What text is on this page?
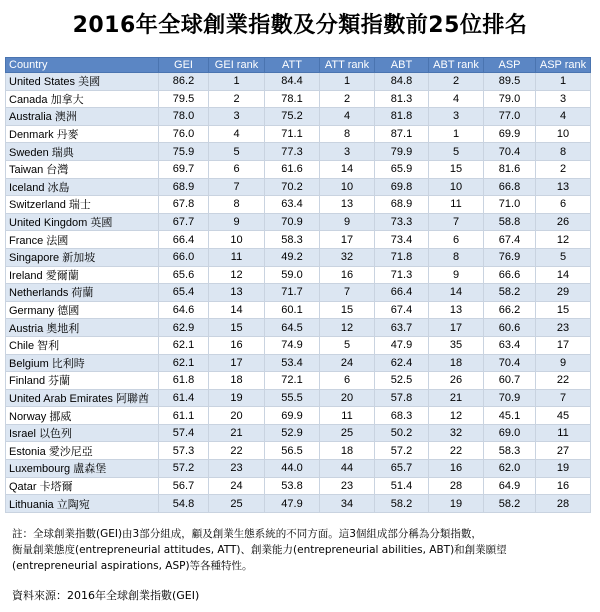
2016年全球創業指數及分類指數前25位排名
Country	GEI	GEI rank	ATT	ATT rank	ABT	ABT rank	ASP	ASP rank
United States 美國	86.2	1	84.4	1	84.8	2	89.5	1
Canada 加拿大	79.5	2	78.1	2	81.3	4	79.0	3
Australia 澳洲	78.0	3	75.2	4	81.8	3	77.0	4
Denmark 丹麥	76.0	4	71.1	8	87.1	1	69.9	10
Sweden 瑞典	75.9	5	77.3	3	79.9	5	70.4	8
Taiwan 台灣	69.7	6	61.6	14	65.9	15	81.6	2
Iceland 冰島	68.9	7	70.2	10	69.8	10	66.8	13
Switzerland 瑞士	67.8	8	63.4	13	68.9	11	71.0	6
United Kingdom 英國	67.7	9	70.9	9	73.3	7	58.8	26
France 法國	66.4	10	58.3	17	73.4	6	67.4	12
Singapore 新加坡	66.0	11	49.2	32	71.8	8	76.9	5
Ireland 愛爾蘭	65.6	12	59.0	16	71.3	9	66.6	14
Netherlands 荷蘭	65.4	13	71.7	7	66.4	14	58.2	29
Germany 德國	64.6	14	60.1	15	67.4	13	66.2	15
Austria 奧地利	62.9	15	64.5	12	63.7	17	60.6	23
Chile 智利	62.1	16	74.9	5	47.9	35	63.4	17
Belgium 比利時	62.1	17	53.4	24	62.4	18	70.4	9
Finland 芬蘭	61.8	18	72.1	6	52.5	26	60.7	22
United Arab Emirates 阿聯酋	61.4	19	55.5	20	57.8	21	70.9	7
Norway 挪威	61.1	20	69.9	11	68.3	12	45.1	45
Israel 以色列	57.4	21	52.9	25	50.2	32	69.0	11
Estonia 愛沙尼亞	57.3	22	56.5	18	57.2	22	58.3	27
Luxembourg 盧森堡	57.2	23	44.0	44	65.7	16	62.0	19
Qatar 卡塔爾	56.7	24	53.8	23	51.4	28	64.9	16
Lithuania 立陶宛	54.8	25	47.9	34	58.2	19	58.2	28
註：全球創業指數(GEI)由3部分組成，顧及創業生態系統的不同方面。這3個組成部分稱為分類指數，
衡量創業態度(entrepreneurial attitudes, ATT)、創業能力(entrepreneurial abilities, ABT)和創業願望
(entrepreneurial aspirations, ASP)等各種特性。
資料來源：2016年全球創業指數(GEI)
